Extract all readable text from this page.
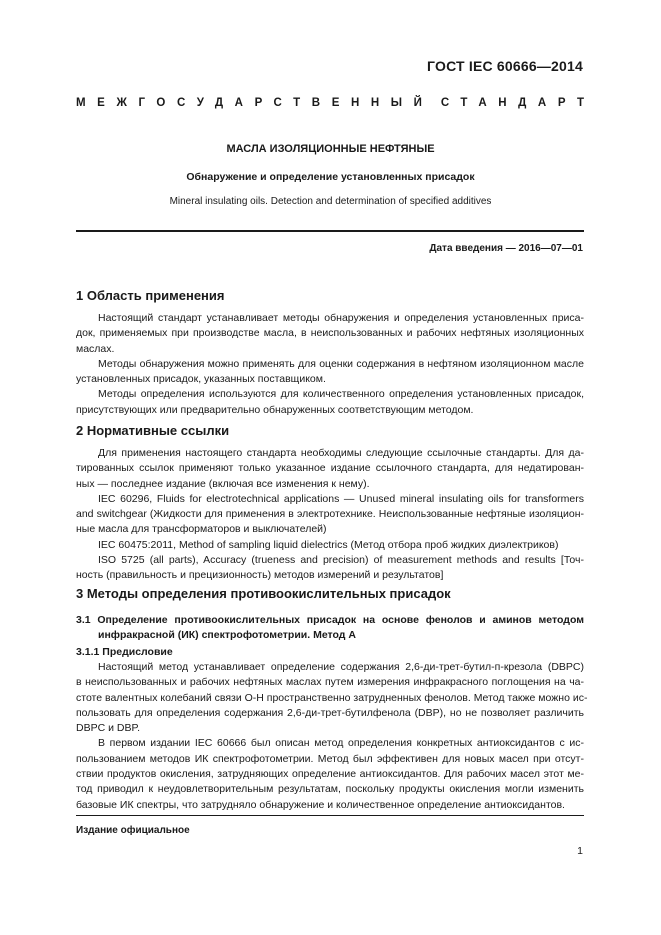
ГОСТ IEC 60666—2014
МЕЖГОСУДАРСТВЕННЫЙ СТАНДАРТ
МАСЛА ИЗОЛЯЦИОННЫЕ НЕФТЯНЫЕ
Обнаружение и определение установленных присадок
Mineral insulating oils. Detection and determination of specified additives
Дата введения — 2016—07—01
1 Область применения

Настоящий стандарт устанавливает методы обнаружения и определения установленных приса-

док, применяемых при производстве масла, в неиспользованных и рабочих нефтяных изоляционных

маслах.

Методы обнаружения можно применять для оценки содержания в нефтяном изоляционном масле

установленных присадок, указанных поставщиком.

Методы определения используются для количественного определения установленных присадок,

присутствующих или предварительно обнаруженных соответствующим методом.

2 Нормативные ссылки

Для применения настоящего стандарта необходимы следующие ссылочные стандарты. Для да-

тированных ссылок применяют только указанное издание ссылочного стандарта, для недатирован-

ных — последнее издание (включая все изменения к нему).

IEC 60296, Fluids for electrotechnical applications — Unused mineral insulating oils for transformers

and switchgear (Жидкости для применения в электротехнике. Неиспользованные нефтяные изоляцион-

ные масла для трансформаторов и выключателей)

IEC 60475:2011, Method of sampling liquid dielectrics (Метод отбора проб жидких диэлектриков)

ISO 5725 (all parts), Accuracy (trueness and precision) of measurement methods and results [Точ-

ность (правильность и прецизионность) методов измерений и результатов]

3 Методы определения противоокислительных присадок

3.1 Определение противоокислительных присадок на основе фенолов и аминов методом

инфракрасной (ИК) спектрофотометрии. Метод А

3.1.1 Предисловие

Настоящий метод устанавливает определение содержания 2,6-ди-трет-бутил-п-крезола (DBPC)

в неиспользованных и рабочих нефтяных маслах путем измерения инфракрасного поглощения на ча-

стоте валентных колебаний связи О-Н пространственно затрудненных фенолов. Метод также можно ис-

пользовать для определения содержания 2,6-ди-трет-бутилфенола (DBP), но не позволяет различить

DBPC и DBP.

В первом издании IEC 60666 был описан метод определения конкретных антиоксидантов с ис-

пользованием методов ИК спектрофотометрии. Метод был эффективен для новых масел при отсут-

ствии продуктов окисления, затрудняющих определение антиоксидантов. Для рабочих масел этот ме-

тод приводил к неудовлетворительным результатам, поскольку продукты окисления могли изменить

базовые ИК спектры, что затрудняло обнаружение и количественное определение антиоксидантов.

Издание официальное
1
